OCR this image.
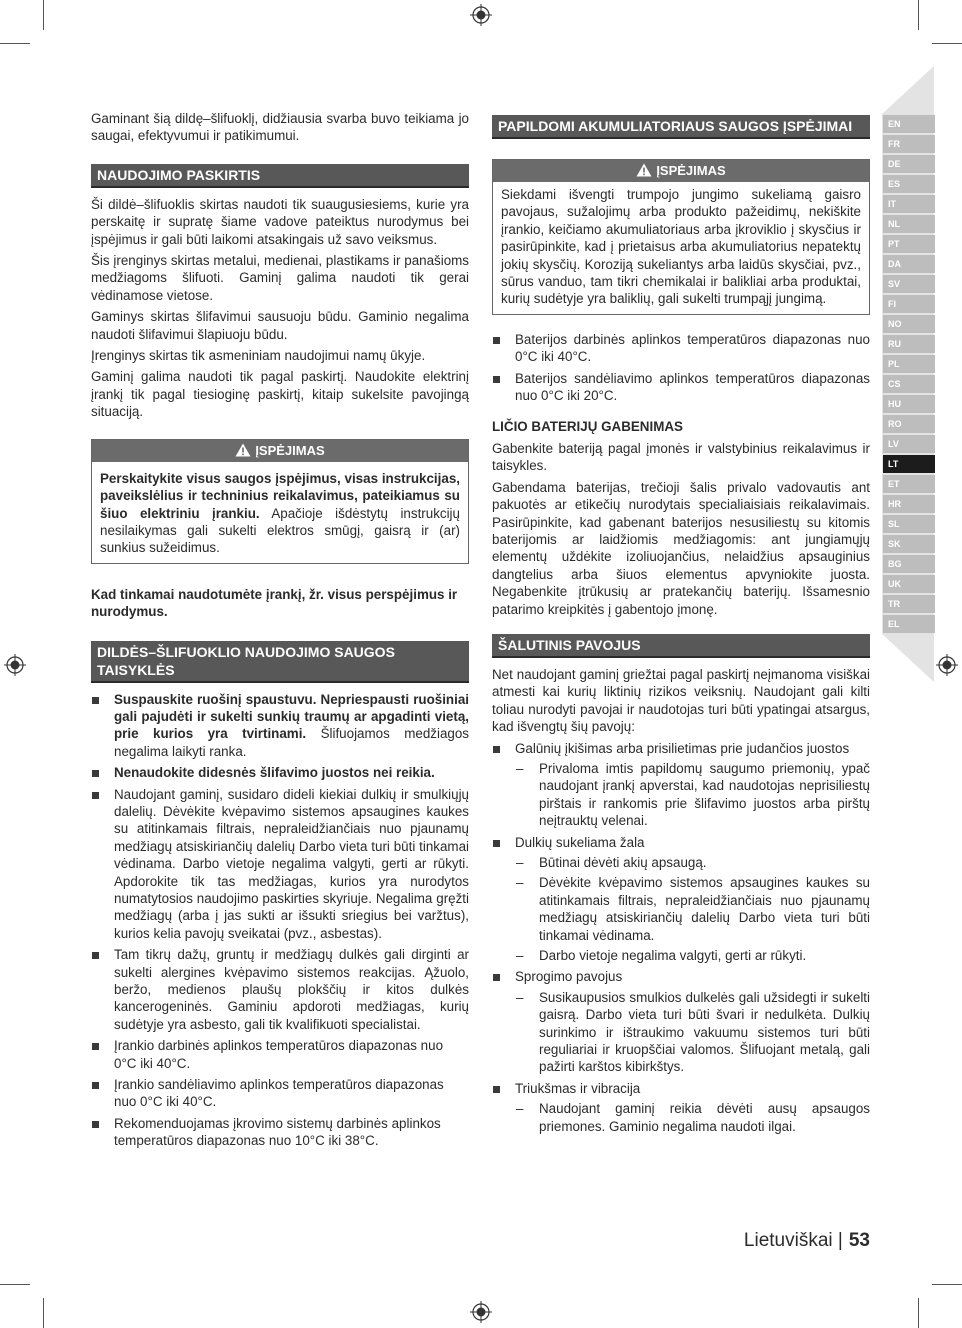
EN
FR
DE
ES
IT
NL
PT
DA
SV
FI
NO
RU
PL
CS
HU
RO
LV
LT
ET
HR
SL
SK
BG
UK
TR
EL

Gaminant šią dildę–šlifuoklį, didžiausia svarba buvo teikiama jo saugai, efektyvumui ir patikimumui.

NAUDOJIMO PASKIRTIS

Ši dildė–šlifuoklis skirtas naudoti tik suaugusiesiems, kurie yra perskaitę ir supratę šiame vadove pateiktus nurodymus bei įspėjimus ir gali būti laikomi atsakingais už savo veiksmus.

Šis įrenginys skirtas metalui, medienai, plastikams ir panašioms medžiagoms šlifuoti. Gaminį galima naudoti tik gerai vėdinamose vietose.

Gaminys skirtas šlifavimui sausuoju būdu. Gaminio negalima naudoti šlifavimui šlapiuoju būdu.

Įrenginys skirtas tik asmeniniam naudojimui namų ūkyje.

Gaminį galima naudoti tik pagal paskirtį. Naudokite elektrinį įrankį tik pagal tiesioginę paskirtį, kitaip sukelsite pavojingą situaciją.

ĮSPĖJIMAS
Perskaitykite visus saugos įspėjimus, visas instrukcijas, paveikslėlius ir techninius reikalavimus, pateikiamus su šiuo elektriniu įrankiu. Apačioje išdėstytų instrukcijų nesilaikymas gali sukelti elektros smūgį, gaisrą ir (ar) sunkius sužeidimus.

Kad tinkamai naudotumėte įrankį, žr. visus perspėjimus ir nurodymus.

DILDĖS–ŠLIFUOKLIO NAUDOJIMO SAUGOS TAISYKLĖS
Suspauskite ruošinį spaustuvu. Nepriespausti ruošiniai gali pajudėti ir sukelti sunkių traumų ar apgadinti vietą, prie kurios yra tvirtinami. Šlifuojamos medžiagos negalima laikyti ranka.
Nenaudokite didesnės šlifavimo juostos nei reikia.
Naudojant gaminį, susidaro dideli kiekiai dulkių ir smulkiųjų dalelių. Dėvėkite kvėpavimo sistemos apsaugines kaukes su atitinkamais filtrais, nepraleidžiančiais nuo pjaunamų medžiagų atsiskiriančių dalelių Darbo vieta turi būti tinkamai vėdinama. Darbo vietoje negalima valgyti, gerti ar rūkyti. Apdorokite tik tas medžiagas, kurios yra nurodytos numatytosios naudojimo paskirties skyriuje. Negalima gręžti medžiagų (arba į jas sukti ar išsukti sriegius bei varžtus), kurios kelia pavojų sveikatai (pvz., asbestas).
Tam tikrų dažų, gruntų ir medžiagų dulkės gali dirginti ar sukelti alergines kvėpavimo sistemos reakcijas. Ąžuolo, beržo, medienos plaušų plokščių ir kitos dulkės kancerogeninės. Gaminiu apdoroti medžiagas, kurių sudėtyje yra asbesto, gali tik kvalifikuoti specialistai.
Įrankio darbinės aplinkos temperatūros diapazonas nuo 0°C iki 40°C.
Įrankio sandėliavimo aplinkos temperatūros diapazonas nuo 0°C iki 40°C.
Rekomenduojamas įkrovimo sistemų darbinės aplinkos temperatūros diapazonas nuo 10°C iki 38°C.
PAPILDOMI AKUMULIATORIAUS SAUGOS ĮSPĖJIMAI
ĮSPĖJIMAS
Siekdami išvengti trumpojo jungimo sukeliamą gaisro pavojaus, sužalojimų arba produkto pažeidimų, nekiškite įrankio, keičiamo akumuliatoriaus arba įkroviklio į skysčius ir pasirūpinkite, kad į prietaisus arba akumuliatorius nepatektų jokių skysčių. Koroziją sukeliantys arba laidūs skysčiai, pvz., sūrus vanduo, tam tikri chemikalai ir balikliai arba produktai, kurių sudėtyje yra baliklių, gali sukelti trumpąjį jungimą.
Baterijos darbinės aplinkos temperatūros diapazonas nuo 0°C iki 40°C.
Baterijos sandėliavimo aplinkos temperatūros diapazonas nuo 0°C iki 20°C.
LIČIO BATERIJŲ GABENIMAS

Gabenkite bateriją pagal įmonės ir valstybinius reikalavimus ir taisykles.

Gabendama baterijas, trečioji šalis privalo vadovautis ant pakuotės ar etikečių nurodytais specialiaisiais reikalavimais. Pasirūpinkite, kad gabenant baterijos nesusiliestų su kitomis baterijomis ar laidžiomis medžiagomis: ant jungiamųjų elementų uždėkite izoliuojančius, nelaidžius apsauginius dangtelius arba šiuos elementus apvyniokite juosta. Negabenkite įtrūkusių ar pratekančių baterijų. Išsamesnio patarimo kreipkitės į gabentojo įmonę.

ŠALUTINIS PAVOJUS

Net naudojant gaminį griežtai pagal paskirtį neįmanoma visiškai atmesti kai kurių liktinių rizikos veiksnių. Naudojant gali kilti toliau nurodyti pavojai ir naudotojas turi būti ypatingai atsargus, kad išvengtų šių pavojų:

Galūnių įkišimas arba prisilietimas prie judančios juostos
– Privaloma imtis papildomų saugumo priemonių, ypač naudojant įrankį apverstai, kad naudotojas neprisiliestų pirštais ir rankomis prie šlifavimo juostos arba pirštų neįtrauktų velenai.
Dulkių sukeliama žala
– Būtinai dėvėti akių apsaugą.
– Dėvėkite kvėpavimo sistemos apsaugines kaukes su atitinkamais filtrais, nepraleidžiančiais nuo pjaunamų medžiagų atsiskiriančių dalelių Darbo vieta turi būti tinkamai vėdinama.
– Darbo vietoje negalima valgyti, gerti ar rūkyti.
Sprogimo pavojus
– Susikaupusios smulkios dulkelės gali užsidegti ir sukelti gaisrą. Darbo vieta turi būti švari ir nedulkėta. Dulkių surinkimo ir ištraukimo vakuumu sistemos turi būti reguliariai ir kruopščiai valomos. Šlifuojant metalą, gali pažirti karštos kibirkštys.
Triukšmas ir vibracija
– Naudojant gaminį reikia dėvėti ausų apsaugos priemones. Gaminio negalima naudoti ilgai.
Lietuviškai | 53
